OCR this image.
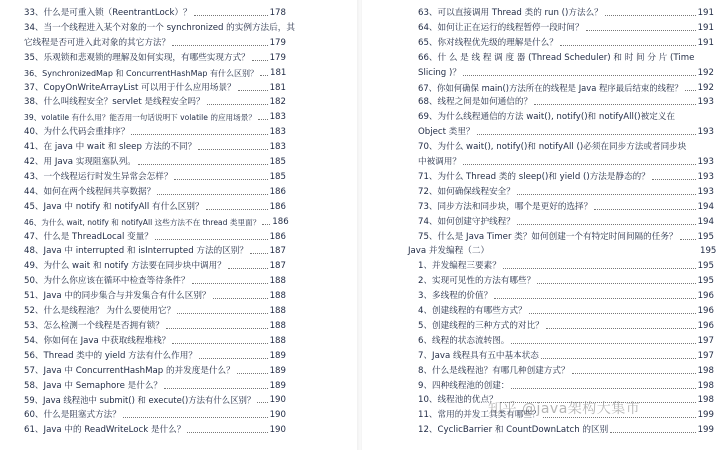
33、什么是可重入锁（ReentrantLock）？	178
34、当一个线程进入某个对象的一个 synchronized 的实例方法后，其
它线程是否可进入此对象的其它方法？	179
35、乐观锁和悲观锁的理解及如何实现，有哪些实现方式？ 179
36、SynchronizedMap 和 ConcurrentHashMap 有什么区别？ 181
37、CopyOnWriteArrayList 可以用于什么应用场景？	181
38、什么叫线程安全？servlet 是线程安全吗？	182
39、volatile 有什么用？能否用一句话说明下 volatile 的应用场景？ 183
40、为什么代码会重排序？	183
41、在 java 中 wait 和 sleep 方法的不同？	183
42、用 Java 实现阻塞队列。	185
43、一个线程运行时发生异常会怎样？	185
44、如何在两个线程间共享数据？	186
45、Java 中 notify 和 notifyAll 有什么区别？	186
46、为什么 wait, notify 和 notifyAll 这些方法不在 thread 类里面？ 186
47、什么是 ThreadLocal 变量？	186
48、Java 中 interrupted 和 isInterrupted 方法的区别？	187
49、为什么 wait 和 notify 方法要在同步块中调用？	187
50、为什么你应该在循环中检查等待条件？	188
51、Java 中的同步集合与并发集合有什么区别？	188
52、什么是线程池？ 为什么要使用它？	188
53、怎么检测一个线程是否拥有锁？	188
54、你如何在 Java 中获取线程堆栈？	188
56、Thread 类中的 yield 方法有什么作用？	189
57、Java 中 ConcurrentHashMap 的并发度是什么？	189
58、Java 中 Semaphore 是什么？	189
59、Java 线程池中 submit() 和 execute()方法有什么区别？ 190
60、什么是阻塞式方法？	190
61、Java 中的 ReadWriteLock 是什么？	190
63、可以直接调用 Thread 类的 run ()方法么？	191
64、如何让正在运行的线程暂停一段时间？	191
65、你对线程优先级的理解是什么？	191
66、什 么 是 线 程 调 度 器 (Thread Scheduler) 和 时 间 分 片 (Time
Slicing )？	192
67、你如何确保 main()方法所在的线程是 Java 程序最后结束的线程？ 192
68、线程之间是如何通信的？	193
69、为什么线程通信的方法 wait(), notify()和 notifyAll()被定义在
Object 类里？	193
70、为什么 wait(), notify()和 notifyAll ()必须在同步方法或者同步块
中被调用？	193
71、为什么 Thread 类的 sleep()和 yield ()方法是静态的？	193
72、如何确保线程安全？	193
73、同步方法和同步块，哪个是更好的选择？	194
74、如何创建守护线程？	194
75、什么是 Java Timer 类？如何创建一个有特定时间间隔的任务？ 195
Java 并发编程（二）	195
1、并发编程三要素？	195
2、实现可见性的方法有哪些？	195
3、多线程的价值？	196
4、创建线程的有哪些方式？	196
5、创建线程的三种方式的对比？	196
6、线程的状态流转图。	197
7、Java 线程具有五中基本状态	197
8、什么是线程池？有哪几种创建方式？	198
9、四种线程池的创建：	198
10、线程池的优点？	198
11、常用的并发工具类有哪些？	199
12、CyclicBarrier 和 CountDownLatch 的区别	199
知乎 @java架构大集市
